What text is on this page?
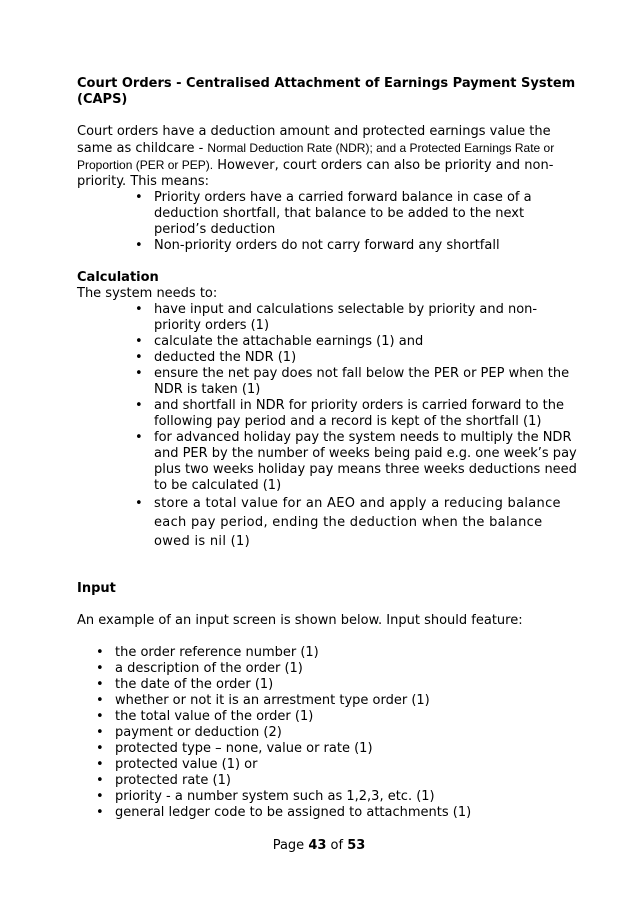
Court Orders - Centralised Attachment of Earnings Payment System (CAPS)

Court orders have a deduction amount and protected earnings value the same as childcare - Normal Deduction Rate (NDR); and a Protected Earnings Rate or Proportion (PER or PEP). However, court orders can also be priority and non-priority. This means:

• Priority orders have a carried forward balance in case of a deduction shortfall, that balance to be added to the next period’s deduction
• Non-priority orders do not carry forward any shortfall

Calculation

The system needs to:

• have input and calculations selectable by priority and non-priority orders (1)
• calculate the attachable earnings (1) and
• deducted the NDR (1)
• ensure the net pay does not fall below the PER or PEP when the NDR is taken (1)
• and shortfall in NDR for priority orders is carried forward to the following pay period and a record is kept of the shortfall (1)
• for advanced holiday pay the system needs to multiply the NDR and PER by the number of weeks being paid e.g. one week’s pay plus two weeks holiday pay means three weeks deductions need to be calculated (1)
• store a total value for an AEO and apply a reducing balance each pay period, ending the deduction when the balance owed is nil (1)

Input

An example of an input screen is shown below. Input should feature:

• the order reference number (1)
• a description of the order (1)
• the date of the order (1)
• whether or not it is an arrestment type order (1)
• the total value of the order (1)
• payment or deduction (2)
• protected type – none, value or rate (1)
• protected value (1) or
• protected rate (1)
• priority - a number system such as 1,2,3, etc. (1)
• general ledger code to be assigned to attachments (1)
Page 43 of 53
